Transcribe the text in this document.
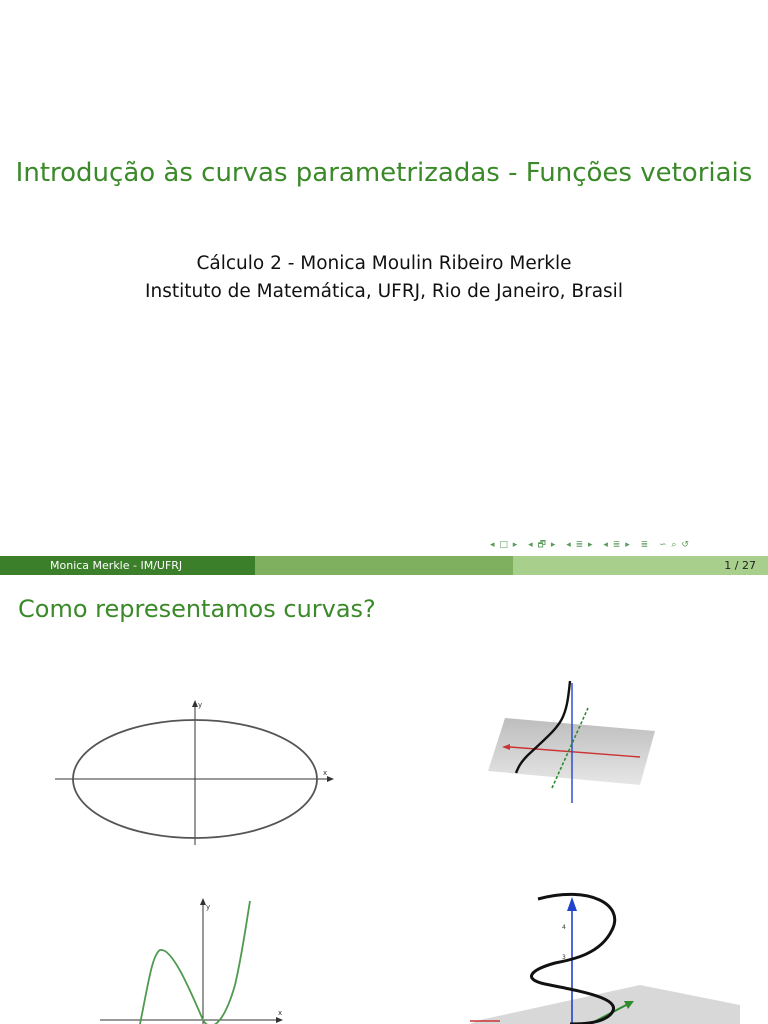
Introdução às curvas parametrizadas - Funções vetoriais
Cálculo 2 - Monica Moulin Ribeiro Merkle
Instituto de Matemática, UFRJ, Rio de Janeiro, Brasil
◂ □ ▸ ◂ 🗗 ▸ ◂ ≣ ▸ ◂ ≣ ▸ ≣ ∽ ⌕ ↺
Monica Merkle - IM/UFRJ	1 / 27
Como representamos curvas?
x
y
x
y
4
3
